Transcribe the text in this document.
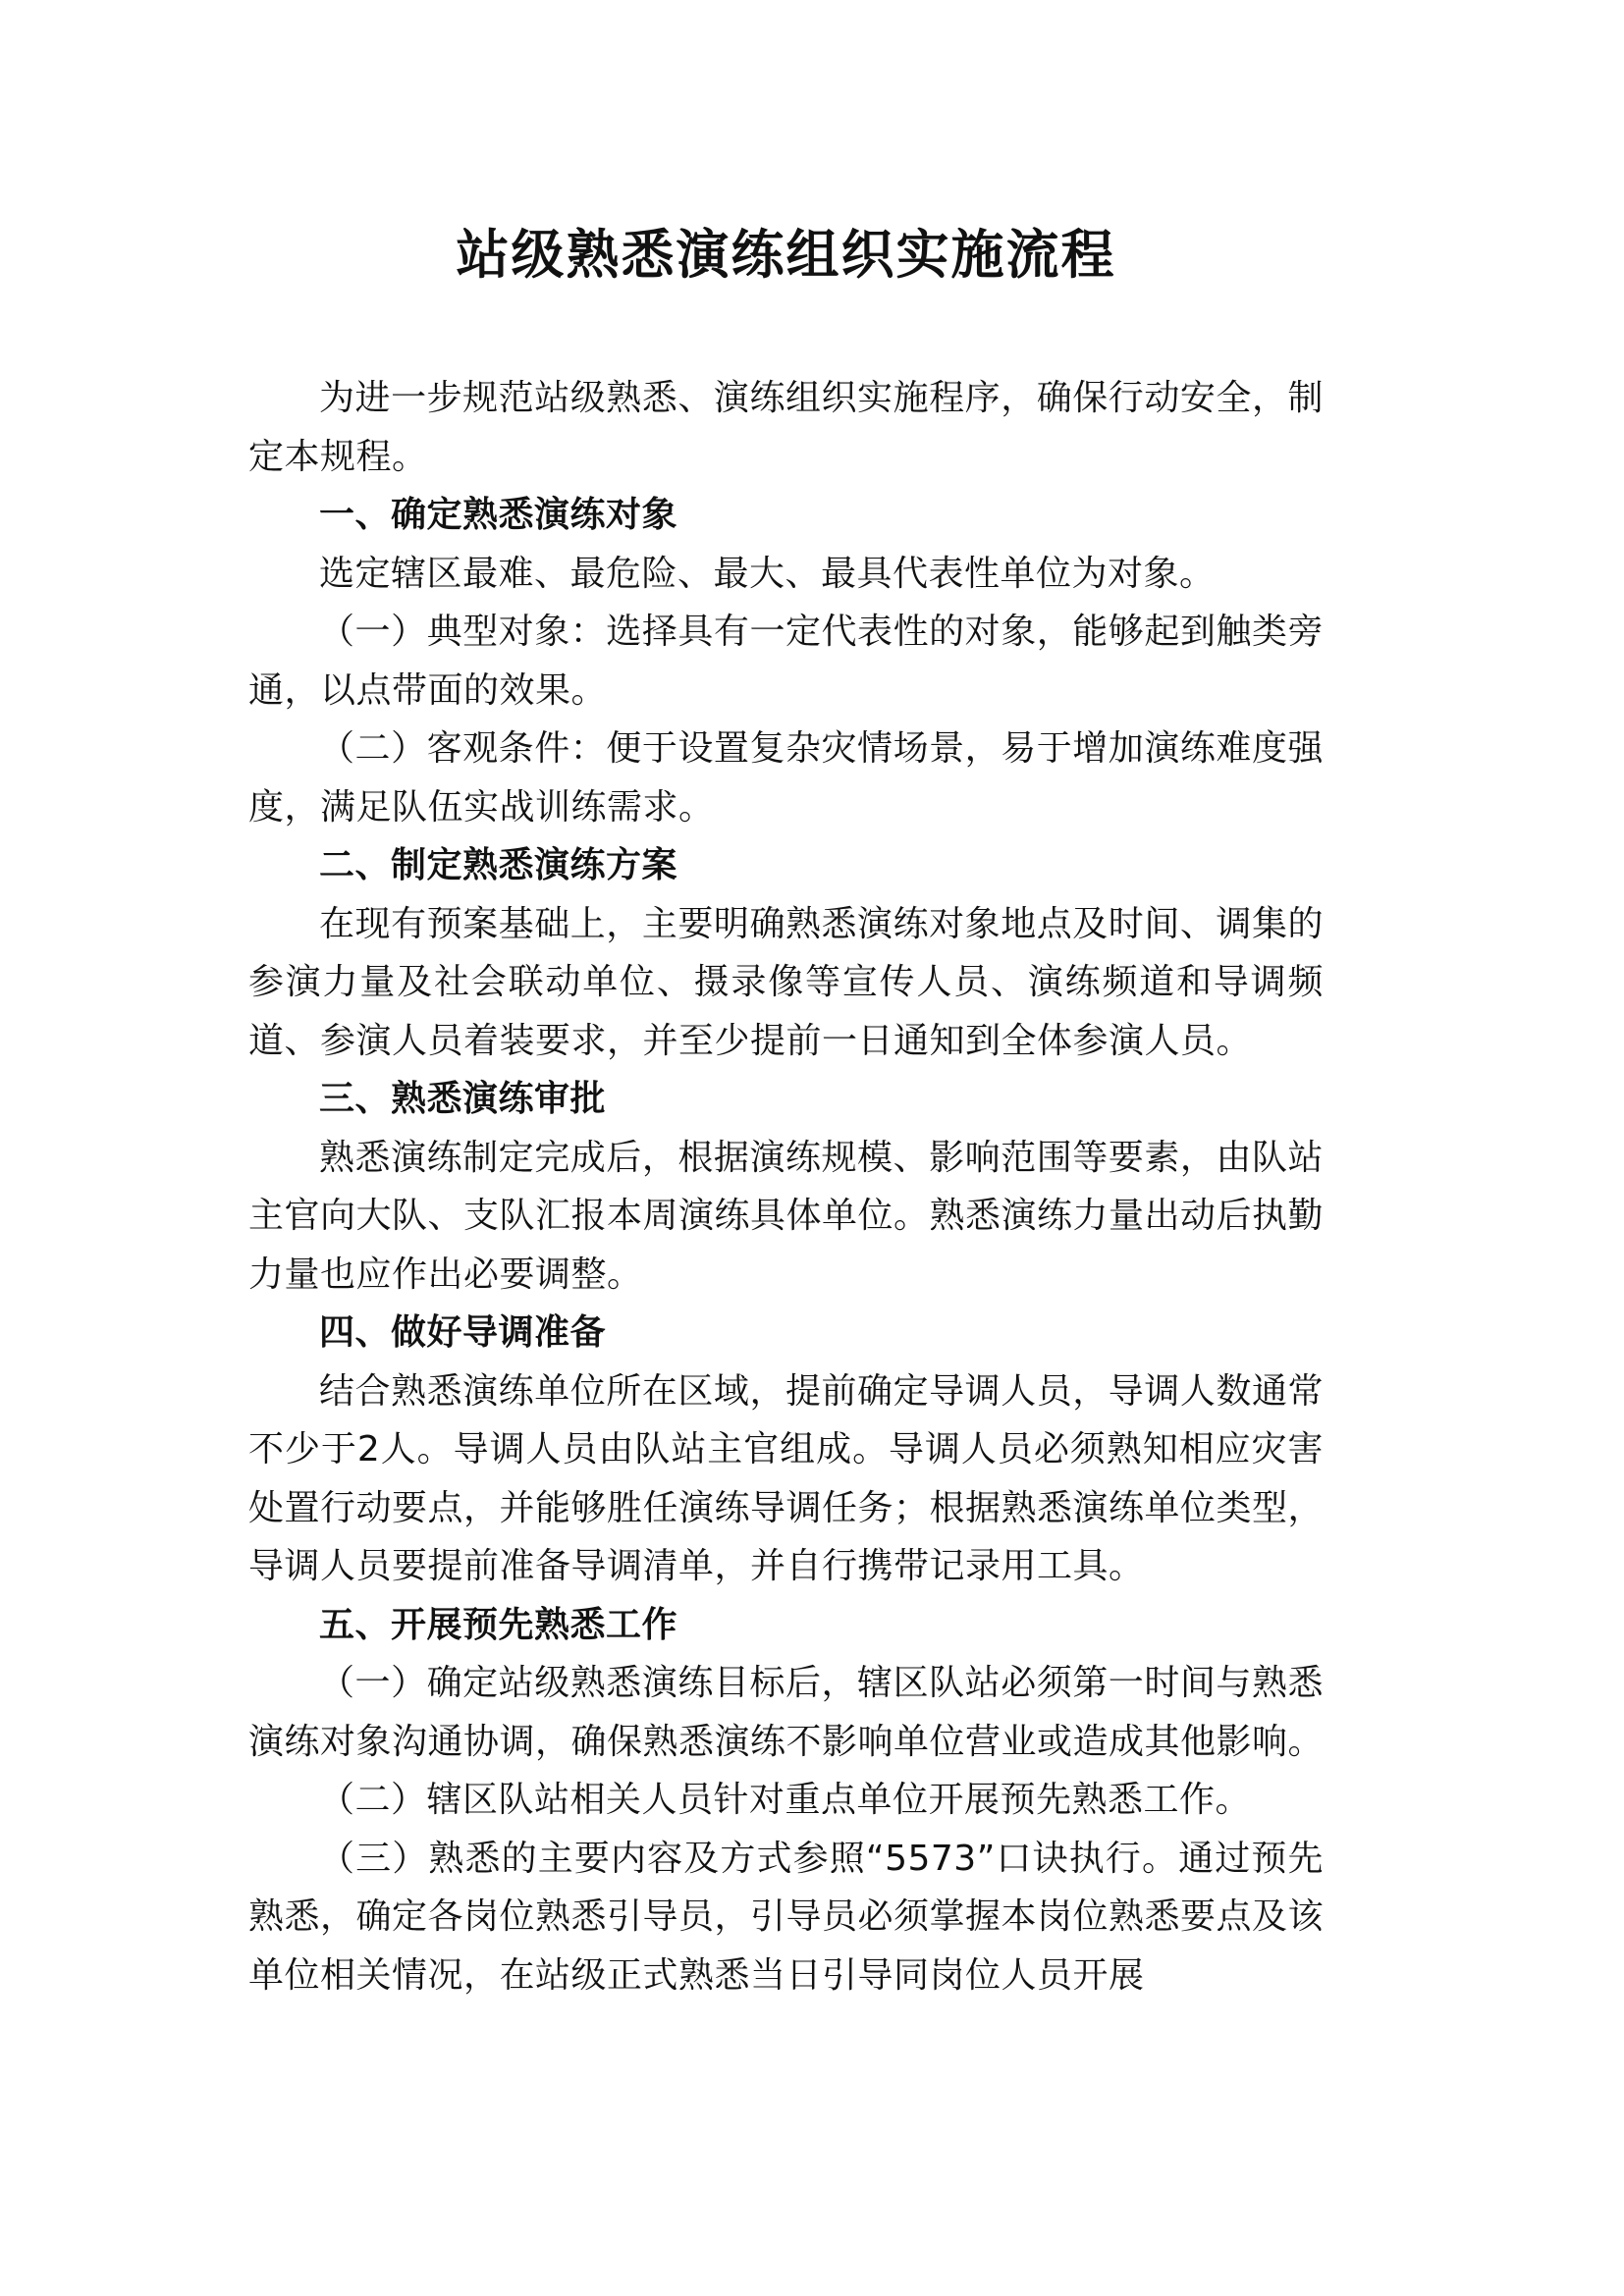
站级熟悉演练组织实施流程

为进一步规范站级熟悉、演练组织实施程序，确保行动安全，制定本规程。

一、确定熟悉演练对象

选定辖区最难、最危险、最大、最具代表性单位为对象。

（一）典型对象：选择具有一定代表性的对象，能够起到触类旁通，以点带面的效果。

（二）客观条件：便于设置复杂灾情场景，易于增加演练难度强度，满足队伍实战训练需求。

二、制定熟悉演练方案

在现有预案基础上，主要明确熟悉演练对象地点及时间、调集的参演力量及社会联动单位、摄录像等宣传人员、演练频道和导调频道、参演人员着装要求，并至少提前一日通知到全体参演人员。

三、熟悉演练审批

熟悉演练制定完成后，根据演练规模、影响范围等要素，由队站主官向大队、支队汇报本周演练具体单位。熟悉演练力量出动后执勤力量也应作出必要调整。

四、做好导调准备

结合熟悉演练单位所在区域，提前确定导调人员，导调人数通常不少于2人。导调人员由队站主官组成。导调人员必须熟知相应灾害处置行动要点，并能够胜任演练导调任务；根据熟悉演练单位类型，导调人员要提前准备导调清单，并自行携带记录用工具。

五、开展预先熟悉工作

（一）确定站级熟悉演练目标后，辖区队站必须第一时间与熟悉演练对象沟通协调，确保熟悉演练不影响单位营业或造成其他影响。

（二）辖区队站相关人员针对重点单位开展预先熟悉工作。

（三）熟悉的主要内容及方式参照“5573”口诀执行。通过预先熟悉，确定各岗位熟悉引导员，引导员必须掌握本岗位熟悉要点及该单位相关情况，在站级正式熟悉当日引导同岗位人员开展
